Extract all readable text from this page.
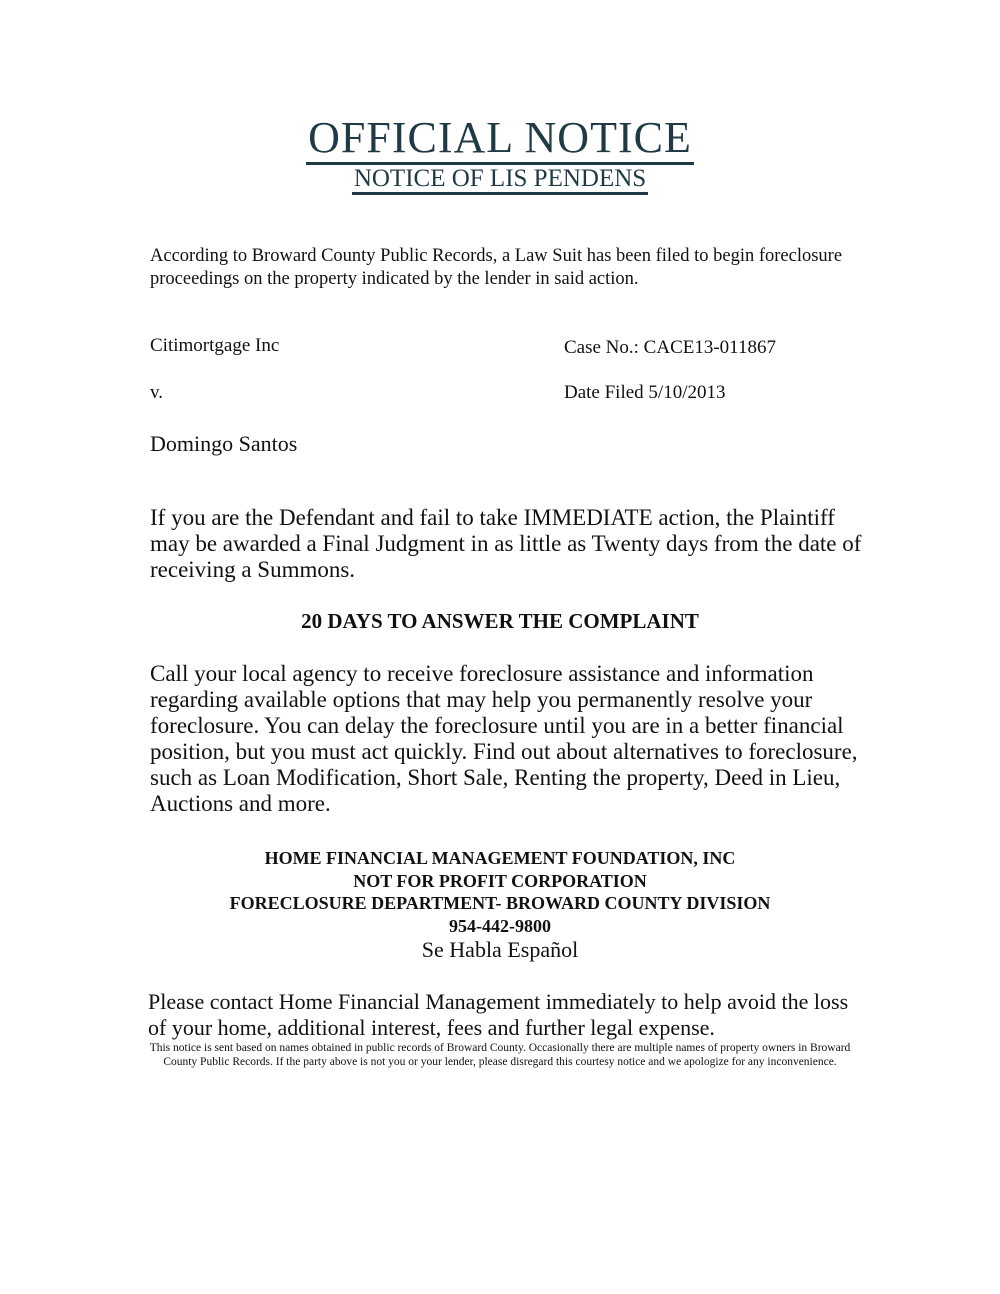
OFFICIAL NOTICE
NOTICE OF LIS PENDENS
According to Broward County Public Records, a Law Suit has been filed to begin foreclosure proceedings on the property indicated by the lender in said action.
Citimortgage Inc	Case No.: CACE13-011867
v.	Date Filed 5/10/2013
Domingo Santos
If you are the Defendant and fail to take IMMEDIATE action, the Plaintiff may be awarded a Final Judgment in as little as Twenty days from the date of receiving a Summons.
20 DAYS TO ANSWER THE COMPLAINT
Call your local agency to receive foreclosure assistance and information regarding available options that may help you permanently resolve your foreclosure. You can delay the foreclosure until you are in a better financial position, but you must act quickly. Find out about alternatives to foreclosure, such as Loan Modification, Short Sale, Renting the property, Deed in Lieu, Auctions and more.
HOME FINANCIAL MANAGEMENT FOUNDATION, INC
NOT FOR PROFIT CORPORATION
FORECLOSURE DEPARTMENT- BROWARD COUNTY DIVISION
954-442-9800
Se Habla Español
Please contact Home Financial Management immediately to help avoid the loss of your home, additional interest, fees and further legal expense.
This notice is sent based on names obtained in public records of Broward County. Occasionally there are multiple names of property owners in Broward County Public Records. If the party above is not you or your lender, please disregard this courtesy notice and we apologize for any inconvenience.
